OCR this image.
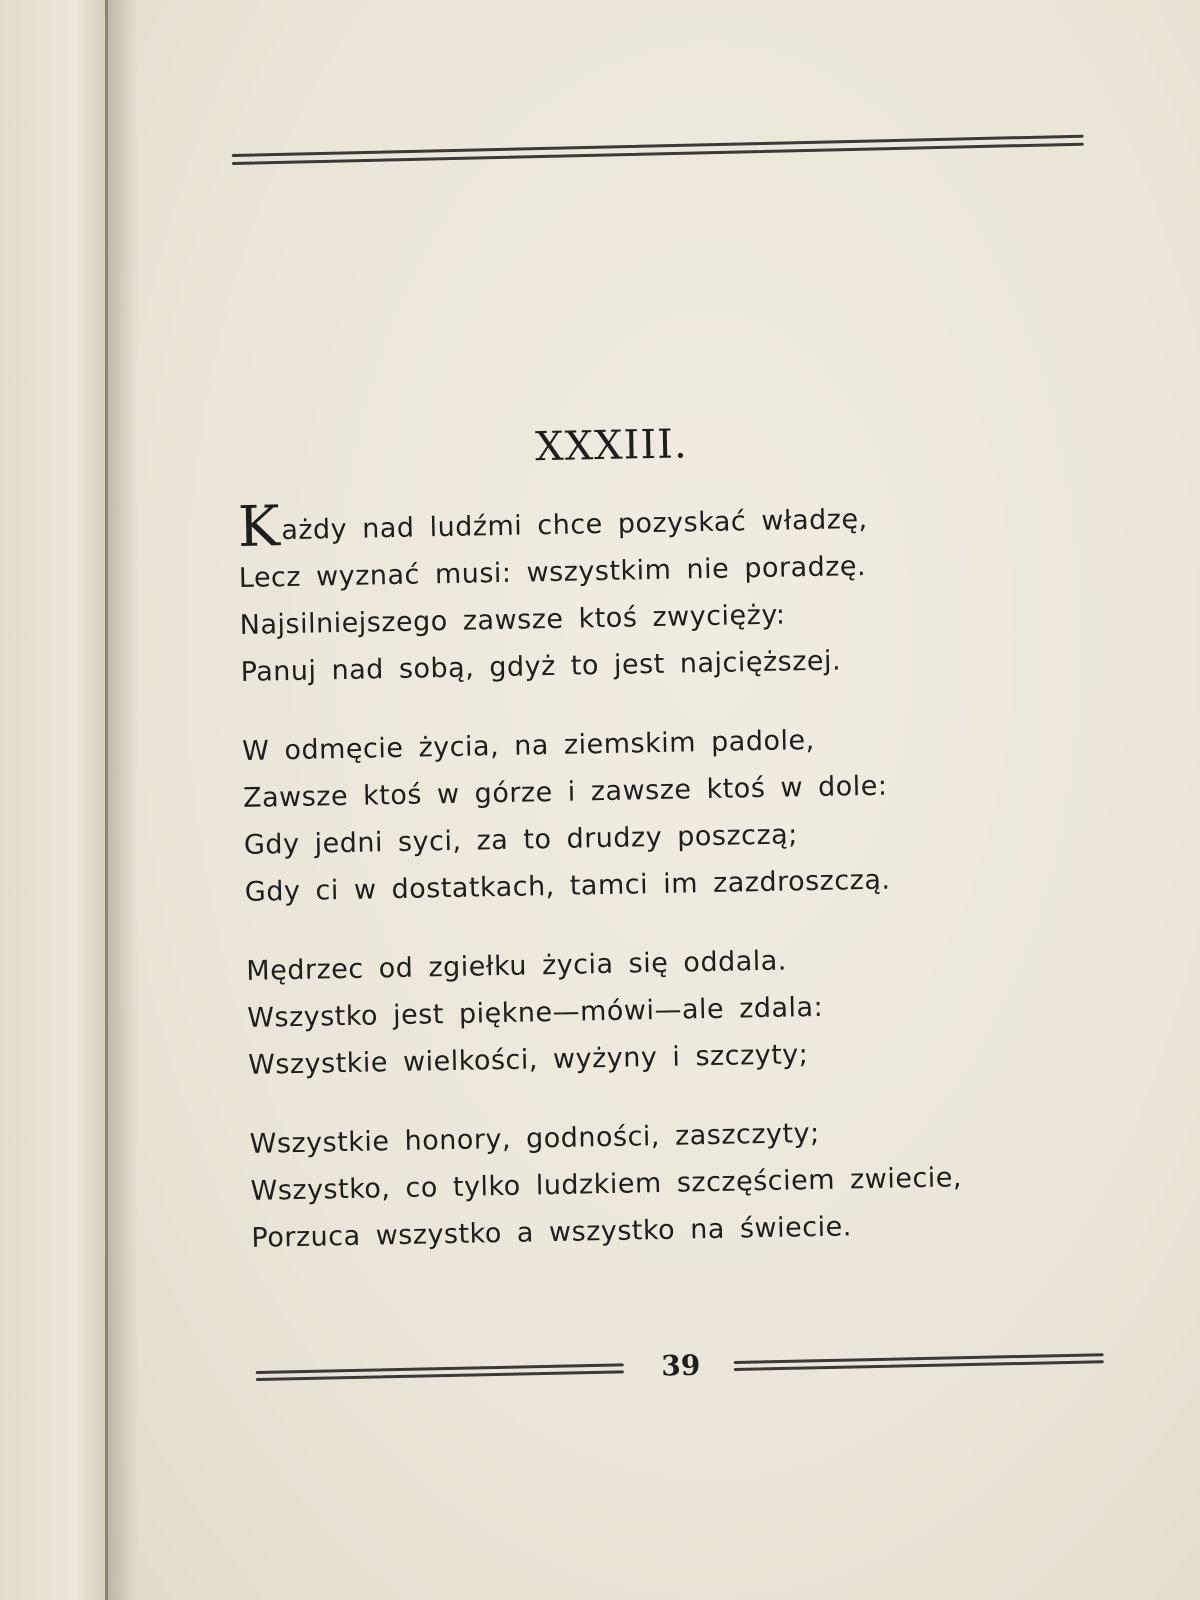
XXXIII.
Każdy nad ludźmi chce pozyskać władzę,
Lecz wyznać musi: wszystkim nie poradzę.
Najsilniejszego zawsze ktoś zwycięży:
Panuj nad sobą, gdyż to jest najcięższej.
W odmęcie życia, na ziemskim padole,
Zawsze ktoś w górze i zawsze ktoś w dole:
Gdy jedni syci, za to drudzy poszczą;
Gdy ci w dostatkach, tamci im zazdroszczą.
Mędrzec od zgiełku życia się oddala.
Wszystko jest piękne—mówi—ale zdala:
Wszystkie wielkości, wyżyny i szczyty;
Wszystkie honory, godności, zaszczyty;
Wszystko, co tylko ludzkiem szczęściem zwiecie,
Porzuca wszystko a wszystko na świecie.
39
